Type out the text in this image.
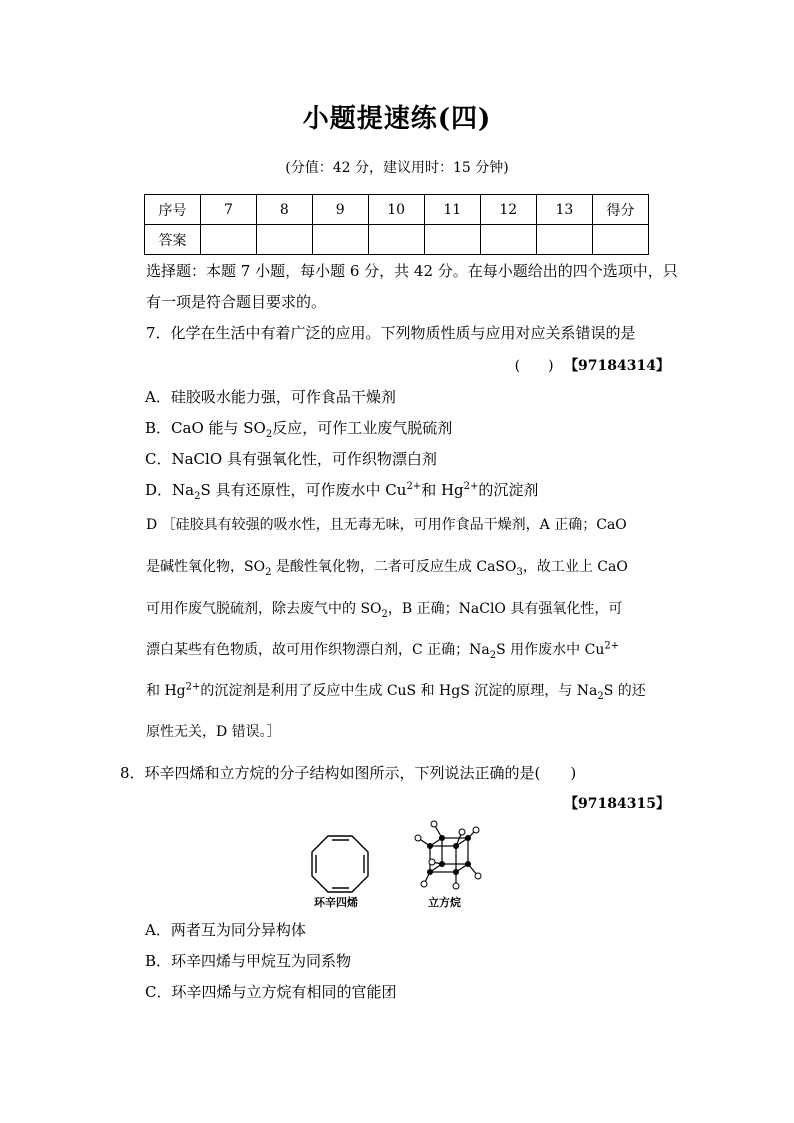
小题提速练(四)
(分值：42 分，建议用时：15 分钟)
序号	7	8	9	10	11	12	13	得分
答案								
选择题：本题 7 小题，每小题 6 分，共 42 分。在每小题给出的四个选项中，只
有一项是符合题目要求的。
7．化学在生活中有着广泛的应用。下列物质性质与应用对应关系错误的是
(　　) 【97184314】
A．硅胶吸水能力强，可作食品干燥剂
B．CaO 能与 $SO_2$反应，可作工业废气脱硫剂
C．NaClO 具有强氧化性，可作织物漂白剂
D．$Na_2S$ 具有还原性，可作废水中 $Cu^{2+}$和 $Hg^{2+}$的沉淀剂
D ［硅胶具有较强的吸水性，且无毒无味，可用作食品干燥剂，A 正确；CaO
是碱性氧化物，$SO_2$ 是酸性氧化物，二者可反应生成 CaSO$_3$，故工业上 CaO
可用作废气脱硫剂，除去废气中的 $SO_2$，B 正确；NaClO 具有强氧化性，可
漂白某些有色物质，故可用作织物漂白剂，C 正确；$Na_2S$ 用作废水中 $Cu^{2+}$
和 $Hg^{2+}$的沉淀剂是利用了反应中生成 CuS 和 HgS 沉淀的原理，与 $Na_2S$ 的还
原性无关，D 错误。］
8．环辛四烯和立方烷的分子结构如图所示，下列说法正确的是(　　)
【97184315】
环辛四烯	立方烷
A．两者互为同分异构体
B．环辛四烯与甲烷互为同系物
C．环辛四烯与立方烷有相同的官能团
